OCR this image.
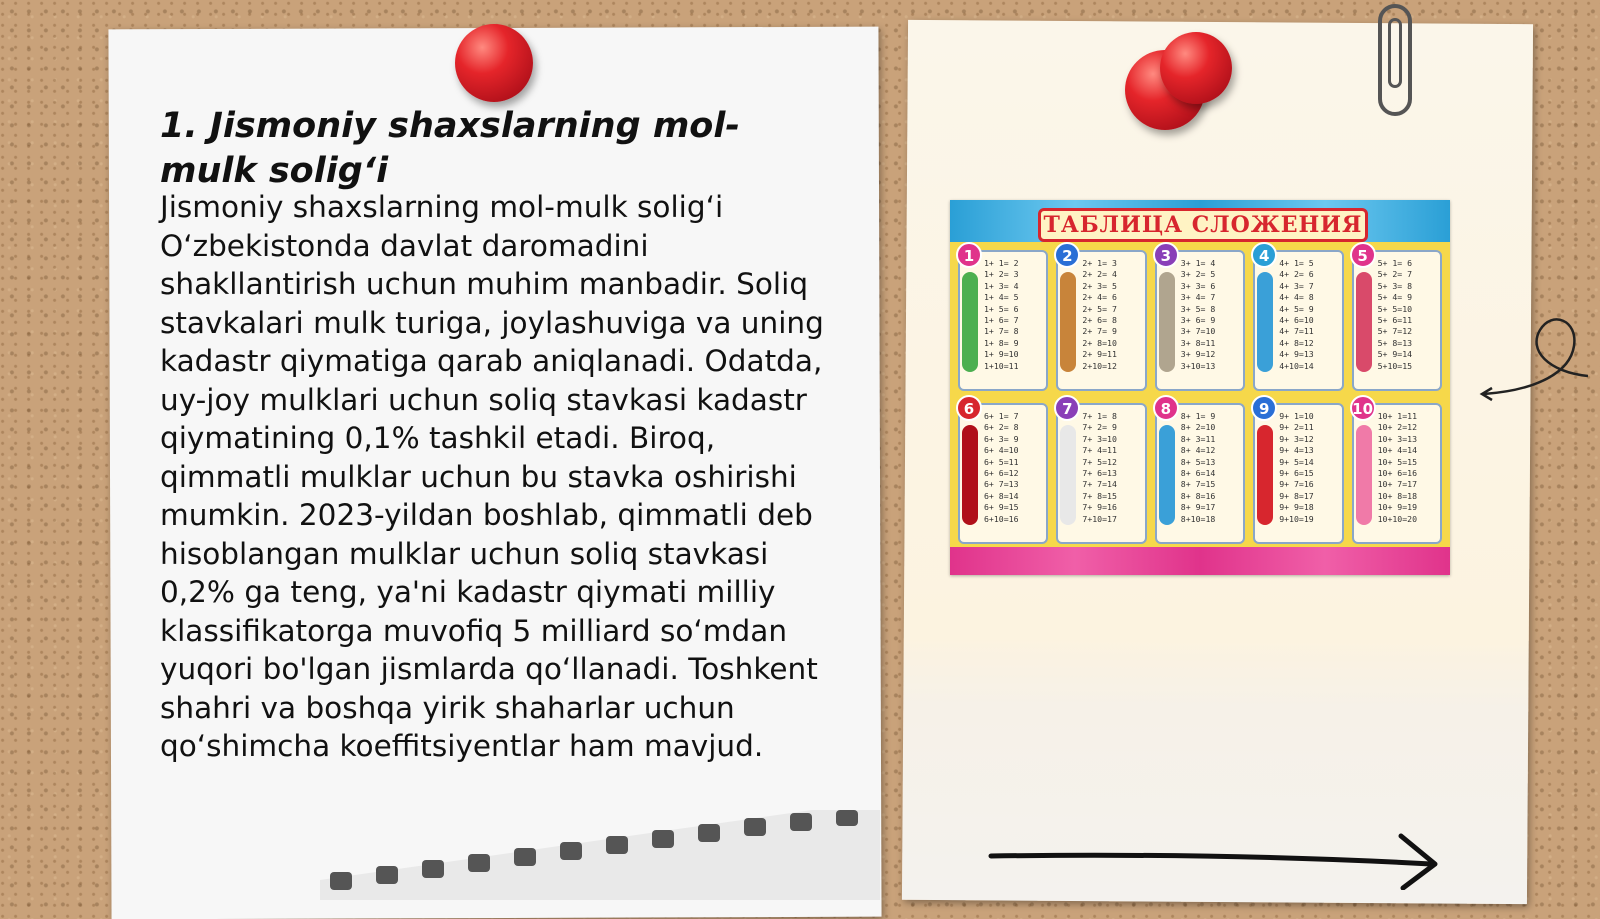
1. Jismoniy shaxslarning mol-mulk solig‘i

Jismoniy shaxslarning mol-mulk solig‘i O‘zbekistonda davlat daromadini shakllantirish uchun muhim manbadir. Soliq stavkalari mulk turiga, joylashuviga va uning kadastr qiymatiga qarab aniqlanadi. Odatda, uy-joy mulklari uchun soliq stavkasi kadastr qiymatining 0,1% tashkil etadi. Biroq, qimmatli mulklar uchun bu stavka oshirishi mumkin. 2023-yildan boshlab, qimmatli deb hisoblangan mulklar uchun soliq stavkasi 0,2% ga teng, ya'ni kadastr qiymati milliy klassifikatorga muvofiq 5 milliard so‘mdan yuqori bo'lgan jismlarda qo‘llanadi. Toshkent shahri va boshqa yirik shaharlar uchun qo‘shimcha koeffitsiyentlar ham mavjud.

ТАБЛИЦА СЛОЖЕНИЯ
1	1+ 1= 2
1+ 2= 3
1+ 3= 4
1+ 4= 5
1+ 5= 6
1+ 6= 7
1+ 7= 8
1+ 8= 9
1+ 9=10
1+10=11
2	2+ 1= 3
2+ 2= 4
2+ 3= 5
2+ 4= 6
2+ 5= 7
2+ 6= 8
2+ 7= 9
2+ 8=10
2+ 9=11
2+10=12
3	3+ 1= 4
3+ 2= 5
3+ 3= 6
3+ 4= 7
3+ 5= 8
3+ 6= 9
3+ 7=10
3+ 8=11
3+ 9=12
3+10=13
4	4+ 1= 5
4+ 2= 6
4+ 3= 7
4+ 4= 8
4+ 5= 9
4+ 6=10
4+ 7=11
4+ 8=12
4+ 9=13
4+10=14
5	5+ 1= 6
5+ 2= 7
5+ 3= 8
5+ 4= 9
5+ 5=10
5+ 6=11
5+ 7=12
5+ 8=13
5+ 9=14
5+10=15
6	6+ 1= 7
6+ 2= 8
6+ 3= 9
6+ 4=10
6+ 5=11
6+ 6=12
6+ 7=13
6+ 8=14
6+ 9=15
6+10=16
7	7+ 1= 8
7+ 2= 9
7+ 3=10
7+ 4=11
7+ 5=12
7+ 6=13
7+ 7=14
7+ 8=15
7+ 9=16
7+10=17
8	8+ 1= 9
8+ 2=10
8+ 3=11
8+ 4=12
8+ 5=13
8+ 6=14
8+ 7=15
8+ 8=16
8+ 9=17
8+10=18
9	9+ 1=10
9+ 2=11
9+ 3=12
9+ 4=13
9+ 5=14
9+ 6=15
9+ 7=16
9+ 8=17
9+ 9=18
9+10=19
10 10+ 1=11
10+ 2=12
10+ 3=13
10+ 4=14
10+ 5=15
10+ 6=16
10+ 7=17
10+ 8=18
10+ 9=19
10+10=20
